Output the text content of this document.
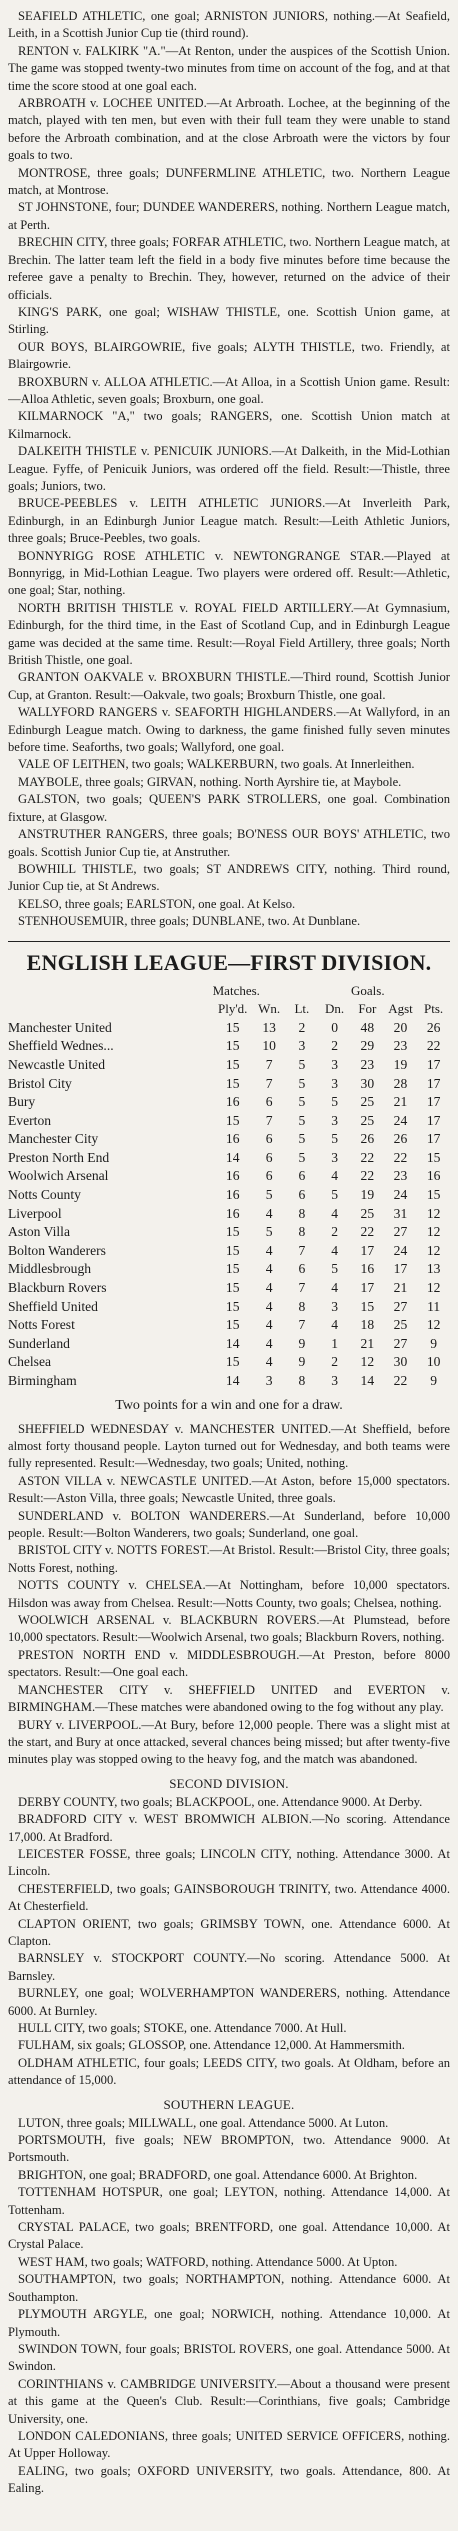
SEAFIELD ATHLETIC, one goal; ARNISTON JUNIORS, nothing.—At Seafield, Leith, in a Scottish Junior Cup tie (third round).

RENTON v. FALKIRK "A."—At Renton, under the auspices of the Scottish Union. The game was stopped twenty-two minutes from time on account of the fog, and at that time the score stood at one goal each.

ARBROATH v. LOCHEE UNITED.—At Arbroath. Lochee, at the beginning of the match, played with ten men, but even with their full team they were unable to stand before the Arbroath combination, and at the close Arbroath were the victors by four goals to two.

MONTROSE, three goals; DUNFERMLINE ATHLETIC, two. Northern League match, at Montrose.

ST JOHNSTONE, four; DUNDEE WANDERERS, nothing. Northern League match, at Perth.

BRECHIN CITY, three goals; FORFAR ATHLETIC, two. Northern League match, at Brechin. The latter team left the field in a body five minutes before time because the referee gave a penalty to Brechin. They, however, returned on the advice of their officials.

KING'S PARK, one goal; WISHAW THISTLE, one. Scottish Union game, at Stirling.

OUR BOYS, BLAIRGOWRIE, five goals; ALYTH THISTLE, two. Friendly, at Blairgowrie.

BROXBURN v. ALLOA ATHLETIC.—At Alloa, in a Scottish Union game. Result:—Alloa Athletic, seven goals; Broxburn, one goal.

KILMARNOCK "A," two goals; RANGERS, one. Scottish Union match at Kilmarnock.

DALKEITH THISTLE v. PENICUIK JUNIORS.—At Dalkeith, in the Mid-Lothian League. Fyffe, of Penicuik Juniors, was ordered off the field. Result:—Thistle, three goals; Juniors, two.

BRUCE-PEEBLES v. LEITH ATHLETIC JUNIORS.—At Inverleith Park, Edinburgh, in an Edinburgh Junior League match. Result:—Leith Athletic Juniors, three goals; Bruce-Peebles, two goals.

BONNYRIGG ROSE ATHLETIC v. NEWTONGRANGE STAR.—Played at Bonnyrigg, in Mid-Lothian League. Two players were ordered off. Result:—Athletic, one goal; Star, nothing.

NORTH BRITISH THISTLE v. ROYAL FIELD ARTILLERY.—At Gymnasium, Edinburgh, for the third time, in the East of Scotland Cup, and in Edinburgh League game was decided at the same time. Result:—Royal Field Artillery, three goals; North British Thistle, one goal.

GRANTON OAKVALE v. BROXBURN THISTLE.—Third round, Scottish Junior Cup, at Granton. Result:—Oakvale, two goals; Broxburn Thistle, one goal.

WALLYFORD RANGERS v. SEAFORTH HIGHLANDERS.—At Wallyford, in an Edinburgh League match. Owing to darkness, the game finished fully seven minutes before time. Seaforths, two goals; Wallyford, one goal.

VALE OF LEITHEN, two goals; WALKERBURN, two goals. At Innerleithen.

MAYBOLE, three goals; GIRVAN, nothing. North Ayrshire tie, at Maybole.

GALSTON, two goals; QUEEN'S PARK STROLLERS, one goal. Combination fixture, at Glasgow.

ANSTRUTHER RANGERS, three goals; BO'NESS OUR BOYS' ATHLETIC, two goals. Scottish Junior Cup tie, at Anstruther.

BOWHILL THISTLE, two goals; ST ANDREWS CITY, nothing. Third round, Junior Cup tie, at St Andrews.

KELSO, three goals; EARLSTON, one goal. At Kelso.

STENHOUSEMUIR, three goals; DUNBLANE, two. At Dunblane.

ENGLISH LEAGUE—FIRST DIVISION.
	Matches.				Goals.		
	Ply'd.	Wn.	Lt.	Dn.	For	Agst	Pts.
Manchester United	15	13	2	0	48	20	26
Sheffield Wednes...	15	10	3	2	29	23	22
Newcastle United	15	7	5	3	23	19	17
Bristol City	15	7	5	3	30	28	17
Bury	16	6	5	5	25	21	17
Everton	15	7	5	3	25	24	17
Manchester City	16	6	5	5	26	26	17
Preston North End	14	6	5	3	22	22	15
Woolwich Arsenal	16	6	6	4	22	23	16
Notts County	16	5	6	5	19	24	15
Liverpool	16	4	8	4	25	31	12
Aston Villa	15	5	8	2	22	27	12
Bolton Wanderers	15	4	7	4	17	24	12
Middlesbrough	15	4	6	5	16	17	13
Blackburn Rovers	15	4	7	4	17	21	12
Sheffield United	15	4	8	3	15	27	11
Notts Forest	15	4	7	4	18	25	12
Sunderland	14	4	9	1	21	27	9
Chelsea	15	4	9	2	12	30	10
Birmingham	14	3	8	3	14	22	9
Two points for a win and one for a draw.

SHEFFIELD WEDNESDAY v. MANCHESTER UNITED.—At Sheffield, before almost forty thousand people. Layton turned out for Wednesday, and both teams were fully represented. Result:—Wednesday, two goals; United, nothing.

ASTON VILLA v. NEWCASTLE UNITED.—At Aston, before 15,000 spectators. Result:—Aston Villa, three goals; Newcastle United, three goals.

SUNDERLAND v. BOLTON WANDERERS.—At Sunderland, before 10,000 people. Result:—Bolton Wanderers, two goals; Sunderland, one goal.

BRISTOL CITY v. NOTTS FOREST.—At Bristol. Result:—Bristol City, three goals; Notts Forest, nothing.

NOTTS COUNTY v. CHELSEA.—At Nottingham, before 10,000 spectators. Hilsdon was away from Chelsea. Result:—Notts County, two goals; Chelsea, nothing.

WOOLWICH ARSENAL v. BLACKBURN ROVERS.—At Plumstead, before 10,000 spectators. Result:—Woolwich Arsenal, two goals; Blackburn Rovers, nothing.

PRESTON NORTH END v. MIDDLESBROUGH.—At Preston, before 8000 spectators. Result:—One goal each.

MANCHESTER CITY v. SHEFFIELD UNITED and EVERTON v. BIRMINGHAM.—These matches were abandoned owing to the fog without any play.

BURY v. LIVERPOOL.—At Bury, before 12,000 people. There was a slight mist at the start, and Bury at once attacked, several chances being missed; but after twenty-five minutes play was stopped owing to the heavy fog, and the match was abandoned.

SECOND DIVISION.

DERBY COUNTY, two goals; BLACKPOOL, one. Attendance 9000. At Derby.

BRADFORD CITY v. WEST BROMWICH ALBION.—No scoring. Attendance 17,000. At Bradford.

LEICESTER FOSSE, three goals; LINCOLN CITY, nothing. Attendance 3000. At Lincoln.

CHESTERFIELD, two goals; GAINSBOROUGH TRINITY, two. Attendance 4000. At Chesterfield.

CLAPTON ORIENT, two goals; GRIMSBY TOWN, one. Attendance 6000. At Clapton.

BARNSLEY v. STOCKPORT COUNTY.—No scoring. Attendance 5000. At Barnsley.

BURNLEY, one goal; WOLVERHAMPTON WANDERERS, nothing. Attendance 6000. At Burnley.

HULL CITY, two goals; STOKE, one. Attendance 7000. At Hull.

FULHAM, six goals; GLOSSOP, one. Attendance 12,000. At Hammersmith.

OLDHAM ATHLETIC, four goals; LEEDS CITY, two goals. At Oldham, before an attendance of 15,000.

SOUTHERN LEAGUE.

LUTON, three goals; MILLWALL, one goal. Attendance 5000. At Luton.

PORTSMOUTH, five goals; NEW BROMPTON, two. Attendance 9000. At Portsmouth.

BRIGHTON, one goal; BRADFORD, one goal. Attendance 6000. At Brighton.

TOTTENHAM HOTSPUR, one goal; LEYTON, nothing. Attendance 14,000. At Tottenham.

CRYSTAL PALACE, two goals; BRENTFORD, one goal. Attendance 10,000. At Crystal Palace.

WEST HAM, two goals; WATFORD, nothing. Attendance 5000. At Upton.

SOUTHAMPTON, two goals; NORTHAMPTON, nothing. Attendance 6000. At Southampton.

PLYMOUTH ARGYLE, one goal; NORWICH, nothing. Attendance 10,000. At Plymouth.

SWINDON TOWN, four goals; BRISTOL ROVERS, one goal. Attendance 5000. At Swindon.

CORINTHIANS v. CAMBRIDGE UNIVERSITY.—About a thousand were present at this game at the Queen's Club. Result:—Corinthians, five goals; Cambridge University, one.

LONDON CALEDONIANS, three goals; UNITED SERVICE OFFICERS, nothing. At Upper Holloway.

EALING, two goals; OXFORD UNIVERSITY, two goals. Attendance, 800. At Ealing.
